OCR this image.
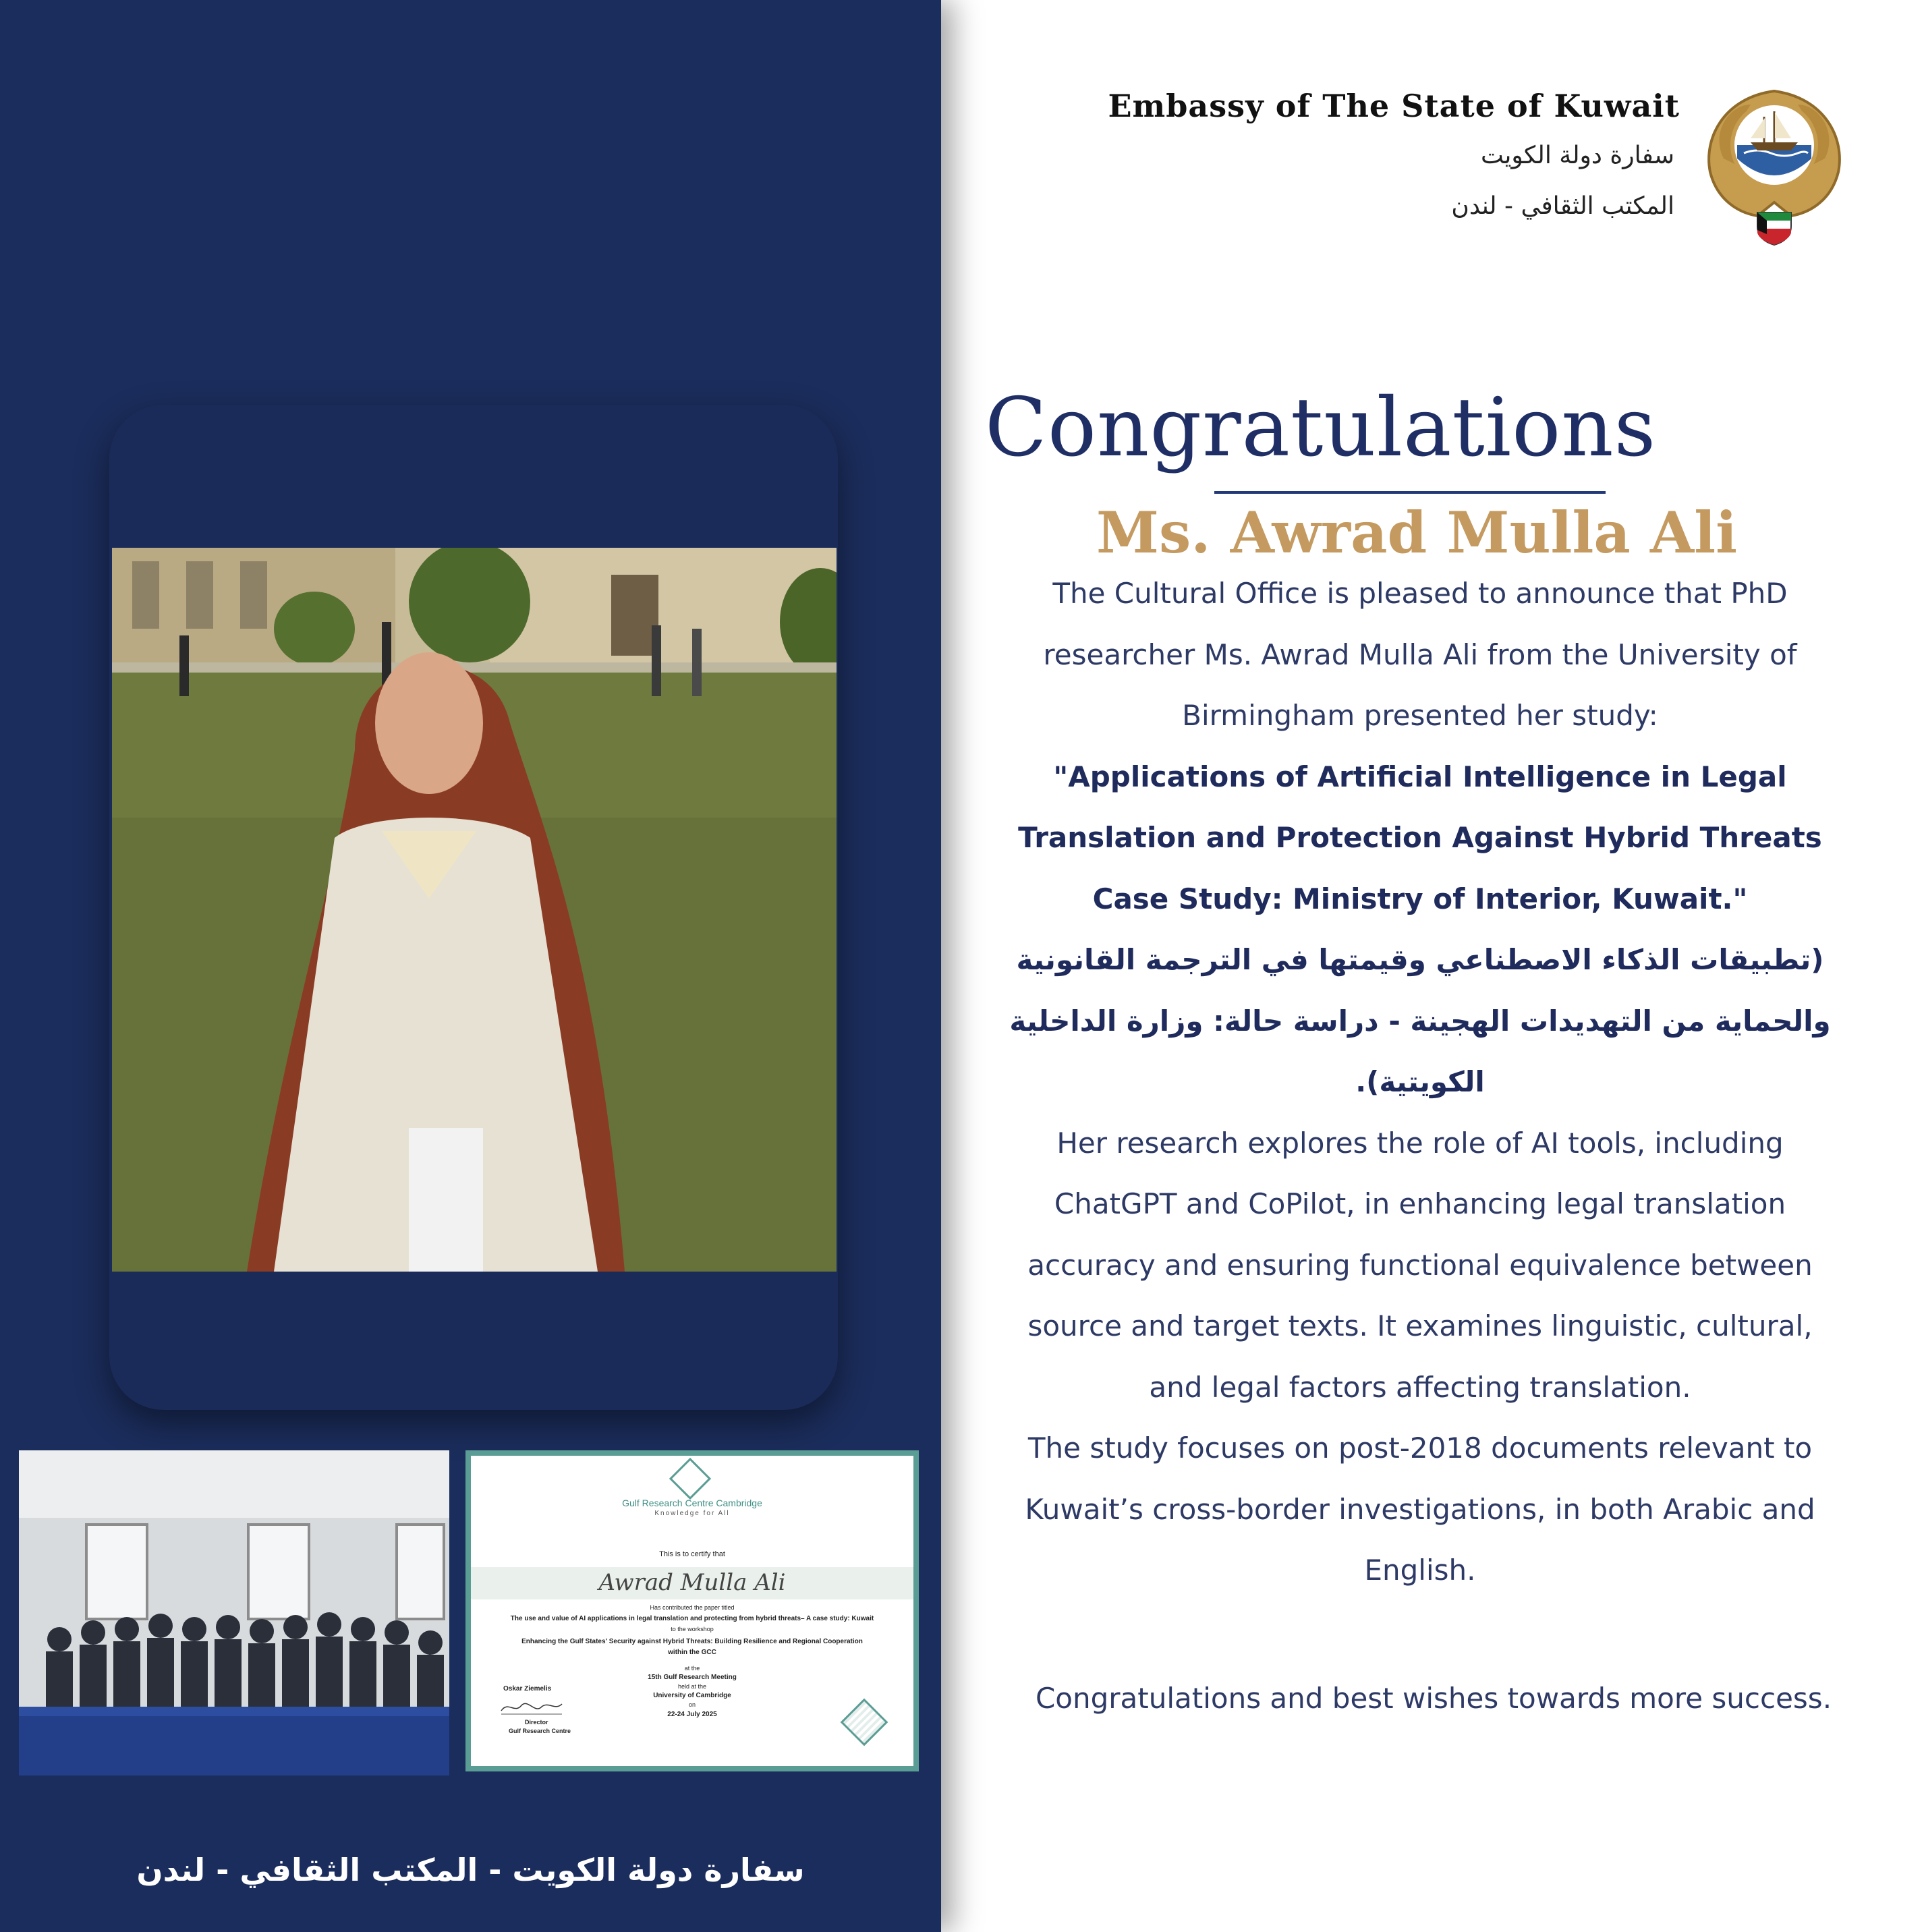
Gulf Research Centre Cambridge
Knowledge for All
This is to certify that
Awrad Mulla Ali
Has contributed the paper titled
The use and value of AI applications in legal translation and protecting from hybrid threats– A case study: Kuwait
to the workshop
Enhancing the Gulf States' Security against Hybrid Threats: Building Resilience and Regional Cooperation
within the GCC
at the
15th Gulf Research Meeting
held at the
University of Cambridge
on
22-24 July 2025
Oskar Ziemelis
Director
Gulf Research Centre
سفارة دولة الكويت - المكتب الثقافي - لندن
Embassy of The State of Kuwait
سفارة دولة الكويت
المكتب الثقافي - لندن
Congratulations
Ms. Awrad Mulla Ali

The Cultural Office is pleased to announce that PhD

researcher Ms. Awrad Mulla Ali from the University of

Birmingham presented her study:

"Applications of Artificial Intelligence in Legal

Translation and Protection Against Hybrid Threats

Case Study: Ministry of Interior, Kuwait."

(تطبيقات الذكاء الاصطناعي وقيمتها في الترجمة القانونية

والحماية من التهديدات الهجينة - دراسة حالة: وزارة الداخلية

الكويتية).

Her research explores the role of AI tools, including

ChatGPT and CoPilot, in enhancing legal translation

accuracy and ensuring functional equivalence between

source and target texts. It examines linguistic, cultural,

and legal factors affecting translation.

The study focuses on post-2018 documents relevant to

Kuwait’s cross-border investigations, in both Arabic and

English.

Congratulations and best wishes towards more success.
